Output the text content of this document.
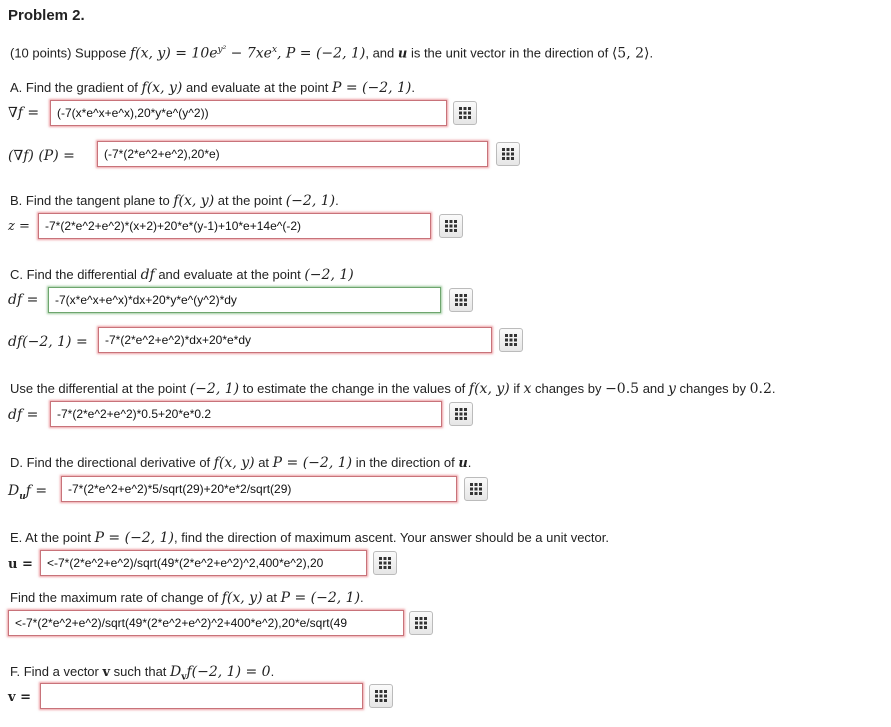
Problem 2.
(10 points) Suppose f(x, $y) = 10e^{y^2} - 7xe^x$, P = (−2, 1), and u is the unit vector in the direction of ⟨5, 2⟩.
A. Find the gradient of f(x, y) and evaluate at the point P = (−2, 1).
∇f =	(-7(x*e^x+e^x),20*y*e^(y^2))
(∇f) (P) =	(-7*(2*e^2+e^2),20*e)
B. Find the tangent plane to f(x, y) at the point (−2, 1).
z =	-7*(2*e^2+e^2)*(x+2)+20*e*(y-1)+10*e+14e^(-2)
C. Find the differential df and evaluate at the point (−2, 1)
df =	-7(x*e^x+e^x)*dx+20*y*e^(y^2)*dy
df(−2, 1) =	-7*(2*e^2+e^2)*dx+20*e*dy
Use the differential at the point (−2, 1) to estimate the change in the values of f(x, y) if x changes by −0.5 and y changes by 0.2.
df =	-7*(2*e^2+e^2)*0.5+20*e*0.2
D. Find the directional derivative of f(x, y) at P = (−2, 1) in the direction of u.
$D_uf$ =	-7*(2*e^2+e^2)*5/sqrt(29)+20*e*2/sqrt(29)
E. At the point P = (−2, 1), find the direction of maximum ascent. Your answer should be a unit vector.
u =	<-7*(2*e^2+e^2)/sqrt(49*(2*e^2+e^2)^2,400*e^2),20
Find the maximum rate of change of f(x, y) at P = (−2, 1).
<-7*(2*e^2+e^2)/sqrt(49*(2*e^2+e^2)^2+400*e^2),20*e/sqrt(49
F. Find a vector v such that $D_vf(-2$, 1) = 0.
v =
